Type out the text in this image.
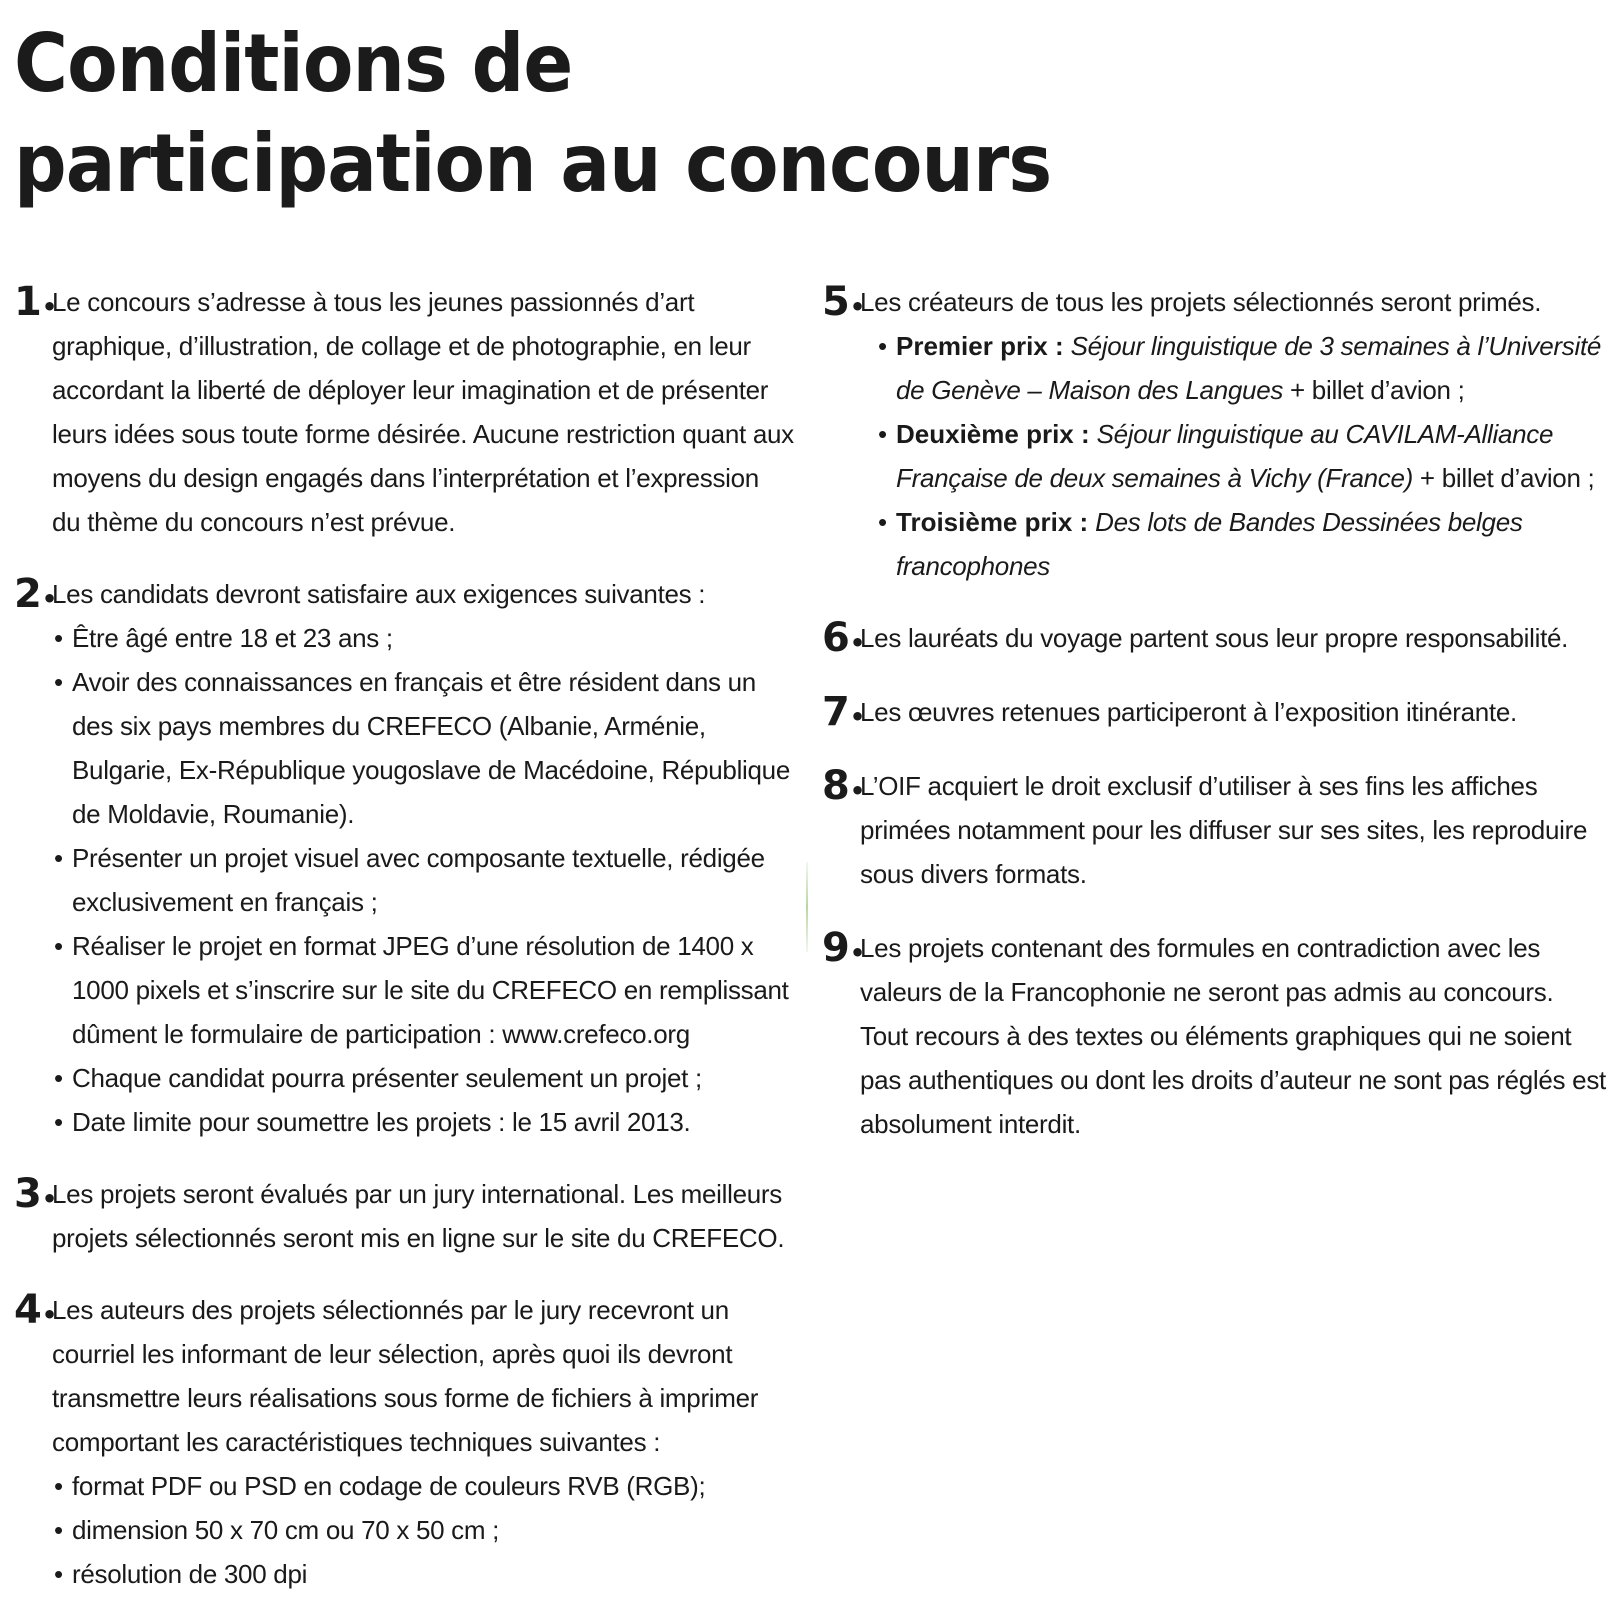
Conditions de
participation au concours
1•
Le concours s’adresse à tous les jeunes passionnés d’art graphique, d’illustration, de collage et de photographie, en leur accordant la liberté de déployer leur imagination et de présenter leurs idées sous toute forme désirée. Aucune restriction quant aux moyens du design engagés dans l’interprétation et l’expression du thème du concours n’est prévue.
2•
Les candidats devront satisfaire aux exigences suivantes :
• Être âgé entre 18 et 23 ans ;
• Avoir des connaissances en français et être résident dans un des six pays membres du CREFECO (Albanie, Arménie, Bulgarie, Ex-République yougoslave de Macédoine, République de Moldavie, Roumanie).
• Présenter un projet visuel avec composante textuelle, rédigée exclusivement en français ;
• Réaliser le projet en format JPEG d’une résolution de 1400 x 1000 pixels et s’inscrire sur le site du CREFECO en remplissant dûment le formulaire de participation : www.crefeco.org
• Chaque candidat pourra présenter seulement un projet ;
• Date limite pour soumettre les projets : le 15 avril 2013.
3•
Les projets seront évalués par un jury international. Les meilleurs projets sélectionnés seront mis en ligne sur le site du CREFECO.
4•
Les auteurs des projets sélectionnés par le jury recevront un courriel les informant de leur sélection, après quoi ils devront transmettre leurs réalisations sous forme de fichiers à imprimer comportant les caractéristiques techniques suivantes :
• format PDF ou PSD en codage de couleurs RVB (RGB);
• dimension 50 x 70 cm ou 70 x 50 cm ;
• résolution de 300 dpi
5•
Les créateurs de tous les projets sélectionnés seront primés.
• Premier prix : Séjour linguistique de 3 semaines à l’Université de Genève – Maison des Langues + billet d’avion ;
• Deuxième prix : Séjour linguistique au CAVILAM-Alliance Française de deux semaines à Vichy (France) + billet d’avion ;
• Troisième prix : Des lots de Bandes Dessinées belges francophones
6•
Les lauréats du voyage partent sous leur propre responsabilité.
7•
Les œuvres retenues participeront à l’exposition itinérante.
8•
L’OIF acquiert le droit exclusif d’utiliser à ses fins les affiches primées notamment pour les diffuser sur ses sites, les reproduire sous divers formats.
9•
Les projets contenant des formules en contradiction avec les valeurs de la Francophonie ne seront pas admis au concours. Tout recours à des textes ou éléments graphiques qui ne soient pas authentiques ou dont les droits d’auteur ne sont pas réglés est absolument interdit.
